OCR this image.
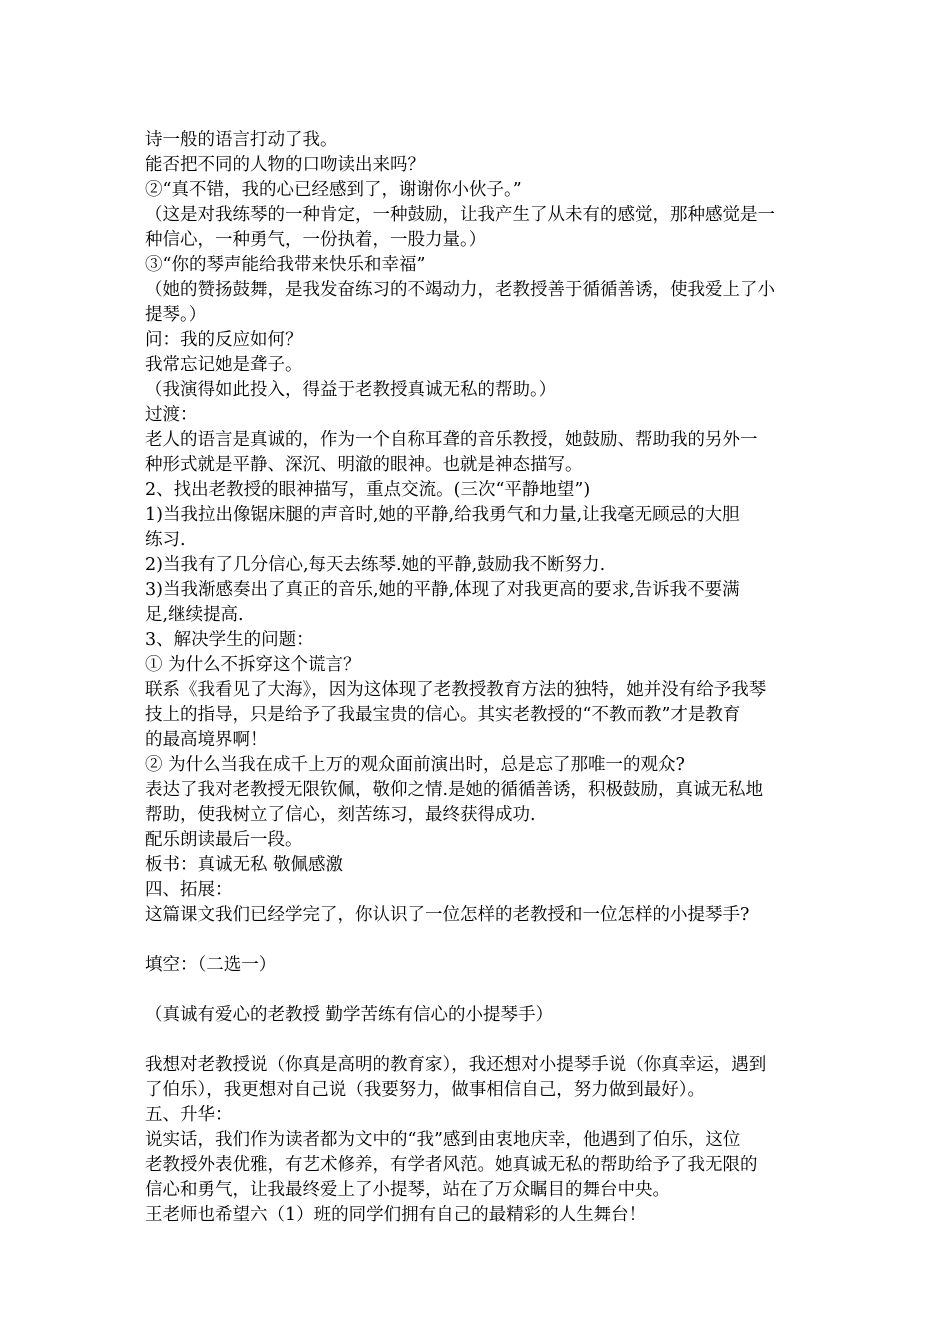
诗一般的语言打动了我。
能否把不同的人物的口吻读出来吗？
②“真不错，我的心已经感到了，谢谢你小伙子。”
（这是对我练琴的一种肯定，一种鼓励，让我产生了从未有的感觉，那种感觉是一
种信心，一种勇气，一份执着，一股力量。）
③“你的琴声能给我带来快乐和幸福”
（她的赞扬鼓舞，是我发奋练习的不竭动力，老教授善于循循善诱，使我爱上了小
提琴。）
问：我的反应如何？
我常忘记她是聋子。
（我演得如此投入，得益于老教授真诚无私的帮助。）
过渡：
老人的语言是真诚的，作为一个自称耳聋的音乐教授，她鼓励、帮助我的另外一
种形式就是平静、深沉、明澈的眼神。也就是神态描写。
2、找出老教授的眼神描写，重点交流。(三次“平静地望”)
1)当我拉出像锯床腿的声音时,她的平静,给我勇气和力量,让我毫无顾忌的大胆
练习.
2)当我有了几分信心,每天去练琴.她的平静,鼓励我不断努力.
3)当我渐感奏出了真正的音乐,她的平静,体现了对我更高的要求,告诉我不要满
足,继续提高.
3、解决学生的问题：
① 为什么不拆穿这个谎言？
联系《我看见了大海》，因为这体现了老教授教育方法的独特，她并没有给予我琴
技上的指导，只是给予了我最宝贵的信心。其实老教授的“不教而教”才是教育
的最高境界啊！
② 为什么当我在成千上万的观众面前演出时，总是忘了那唯一的观众?
表达了我对老教授无限钦佩，敬仰之情.是她的循循善诱，积极鼓励，真诚无私地
帮助，使我树立了信心，刻苦练习，最终获得成功.
配乐朗读最后一段。
板书：真诚无私 敬佩感激
四、拓展：
这篇课文我们已经学完了，你认识了一位怎样的老教授和一位怎样的小提琴手?
填空：（二选一）
（真诚有爱心的老教授 勤学苦练有信心的小提琴手）
我想对老教授说（你真是高明的教育家），我还想对小提琴手说（你真幸运，遇到
了伯乐），我更想对自己说（我要努力，做事相信自己，努力做到最好）。
五、升华：
说实话，我们作为读者都为文中的“我”感到由衷地庆幸，他遇到了伯乐，这位
老教授外表优雅，有艺术修养，有学者风范。她真诚无私的帮助给予了我无限的
信心和勇气，让我最终爱上了小提琴，站在了万众瞩目的舞台中央。
王老师也希望六（1）班的同学们拥有自己的最精彩的人生舞台！
